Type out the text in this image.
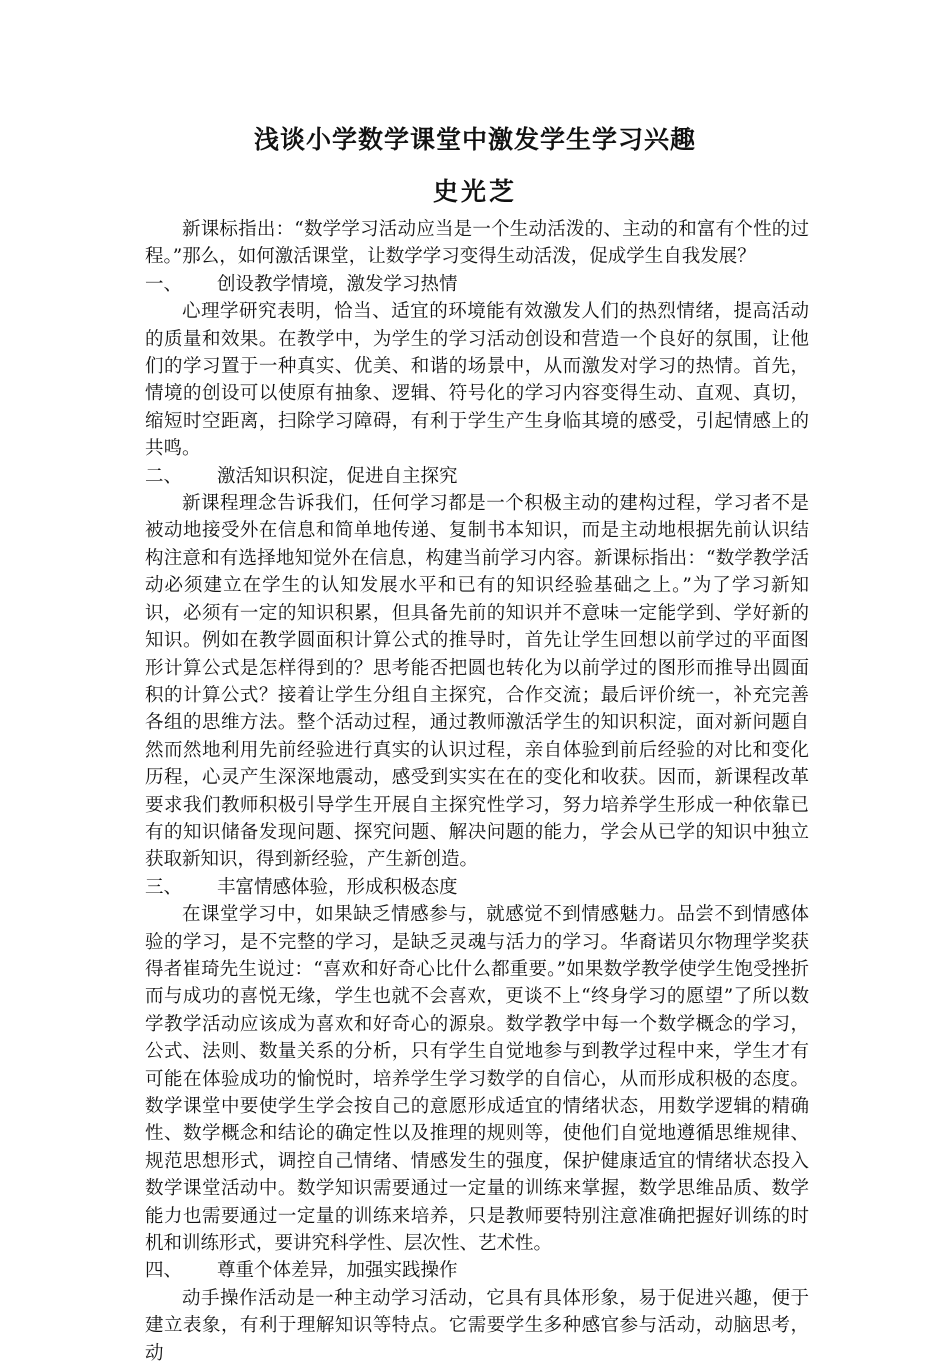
浅谈小学数学课堂中激发学生学习兴趣
史光芝

新课标指出：“数学学习活动应当是一个生动活泼的、主动的和富有个性的过程。”那么，如何激活课堂，让数学学习变得生动活泼，促成学生自我发展？

一、	创设教学情境，激发学习热情

心理学研究表明，恰当、适宜的环境能有效激发人们的热烈情绪，提高活动的质量和效果。在教学中，为学生的学习活动创设和营造一个良好的氛围，让他们的学习置于一种真实、优美、和谐的场景中，从而激发对学习的热情。首先，情境的创设可以使原有抽象、逻辑、符号化的学习内容变得生动、直观、真切，缩短时空距离，扫除学习障碍，有利于学生产生身临其境的感受，引起情感上的共鸣。

二、	激活知识积淀，促进自主探究

新课程理念告诉我们，任何学习都是一个积极主动的建构过程，学习者不是被动地接受外在信息和简单地传递、复制书本知识，而是主动地根据先前认识结构注意和有选择地知觉外在信息，构建当前学习内容。新课标指出：“数学教学活动必须建立在学生的认知发展水平和已有的知识经验基础之上。”为了学习新知识，必须有一定的知识积累，但具备先前的知识并不意味一定能学到、学好新的知识。例如在教学圆面积计算公式的推导时，首先让学生回想以前学过的平面图形计算公式是怎样得到的？思考能否把圆也转化为以前学过的图形而推导出圆面积的计算公式？接着让学生分组自主探究，合作交流；最后评价统一，补充完善各组的思维方法。整个活动过程，通过教师激活学生的知识积淀，面对新问题自然而然地利用先前经验进行真实的认识过程，亲自体验到前后经验的对比和变化历程，心灵产生深深地震动，感受到实实在在的变化和收获。因而，新课程改革要求我们教师积极引导学生开展自主探究性学习，努力培养学生形成一种依靠已有的知识储备发现问题、探究问题、解决问题的能力，学会从已学的知识中独立获取新知识，得到新经验，产生新创造。

三、	丰富情感体验，形成积极态度

在课堂学习中，如果缺乏情感参与，就感觉不到情感魅力。品尝不到情感体验的学习，是不完整的学习，是缺乏灵魂与活力的学习。华裔诺贝尔物理学奖获得者崔琦先生说过：“喜欢和好奇心比什么都重要。”如果数学教学使学生饱受挫折而与成功的喜悦无缘，学生也就不会喜欢，更谈不上“终身学习的愿望”了所以数学教学活动应该成为喜欢和好奇心的源泉。数学教学中每一个数学概念的学习，公式、法则、数量关系的分析，只有学生自觉地参与到教学过程中来，学生才有可能在体验成功的愉悦时，培养学生学习数学的自信心，从而形成积极的态度。数学课堂中要使学生学会按自己的意愿形成适宜的情绪状态，用数学逻辑的精确性、数学概念和结论的确定性以及推理的规则等，使他们自觉地遵循思维规律、规范思想形式，调控自己情绪、情感发生的强度，保护健康适宜的情绪状态投入数学课堂活动中。数学知识需要通过一定量的训练来掌握，数学思维品质、数学能力也需要通过一定量的训练来培养，只是教师要特别注意准确把握好训练的时机和训练形式，要讲究科学性、层次性、艺术性。

四、	尊重个体差异，加强实践操作

动手操作活动是一种主动学习活动，它具有具体形象，易于促进兴趣，便于建立表象，有利于理解知识等特点。它需要学生多种感官参与活动，动脑思考，动
